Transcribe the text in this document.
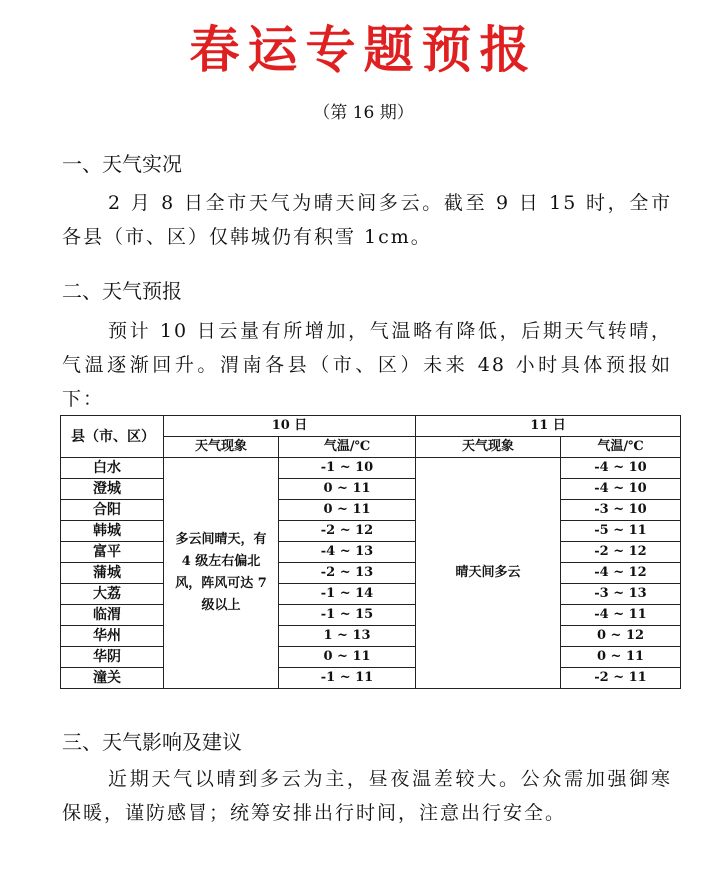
春运专题预报
（第 16 期）
一、天气实况
2 月 8 日全市天气为晴天间多云。截至 9 日 15 时，全市各县（市、区）仅韩城仍有积雪 1cm。
二、天气预报
预计 10 日云量有所增加，气温略有降低，后期天气转晴，气温逐渐回升。渭南各县（市、区）未来 48 小时具体预报如下：
县（市、区）	10 日		11 日	
	天气现象	气温/℃	天气现象	气温/℃
白水	多云间晴天，有 4 级左右偏北风，阵风可达 7 级以上	-1 ~ 10	晴天间多云	-4 ~ 10
澄城		0 ~ 11		-4 ~ 10
合阳		0 ~ 11		-3 ~ 10
韩城		-2 ~ 12		-5 ~ 11
富平		-4 ~ 13		-2 ~ 12
蒲城		-2 ~ 13		-4 ~ 12
大荔		-1 ~ 14		-3 ~ 13
临渭		-1 ~ 15		-4 ~ 11
华州		1 ~ 13		0 ~ 12
华阴		0 ~ 11		0 ~ 11
潼关		-1 ~ 11		-2 ~ 11
三、天气影响及建议
近期天气以晴到多云为主，昼夜温差较大。公众需加强御寒保暖，谨防感冒；统筹安排出行时间，注意出行安全。
